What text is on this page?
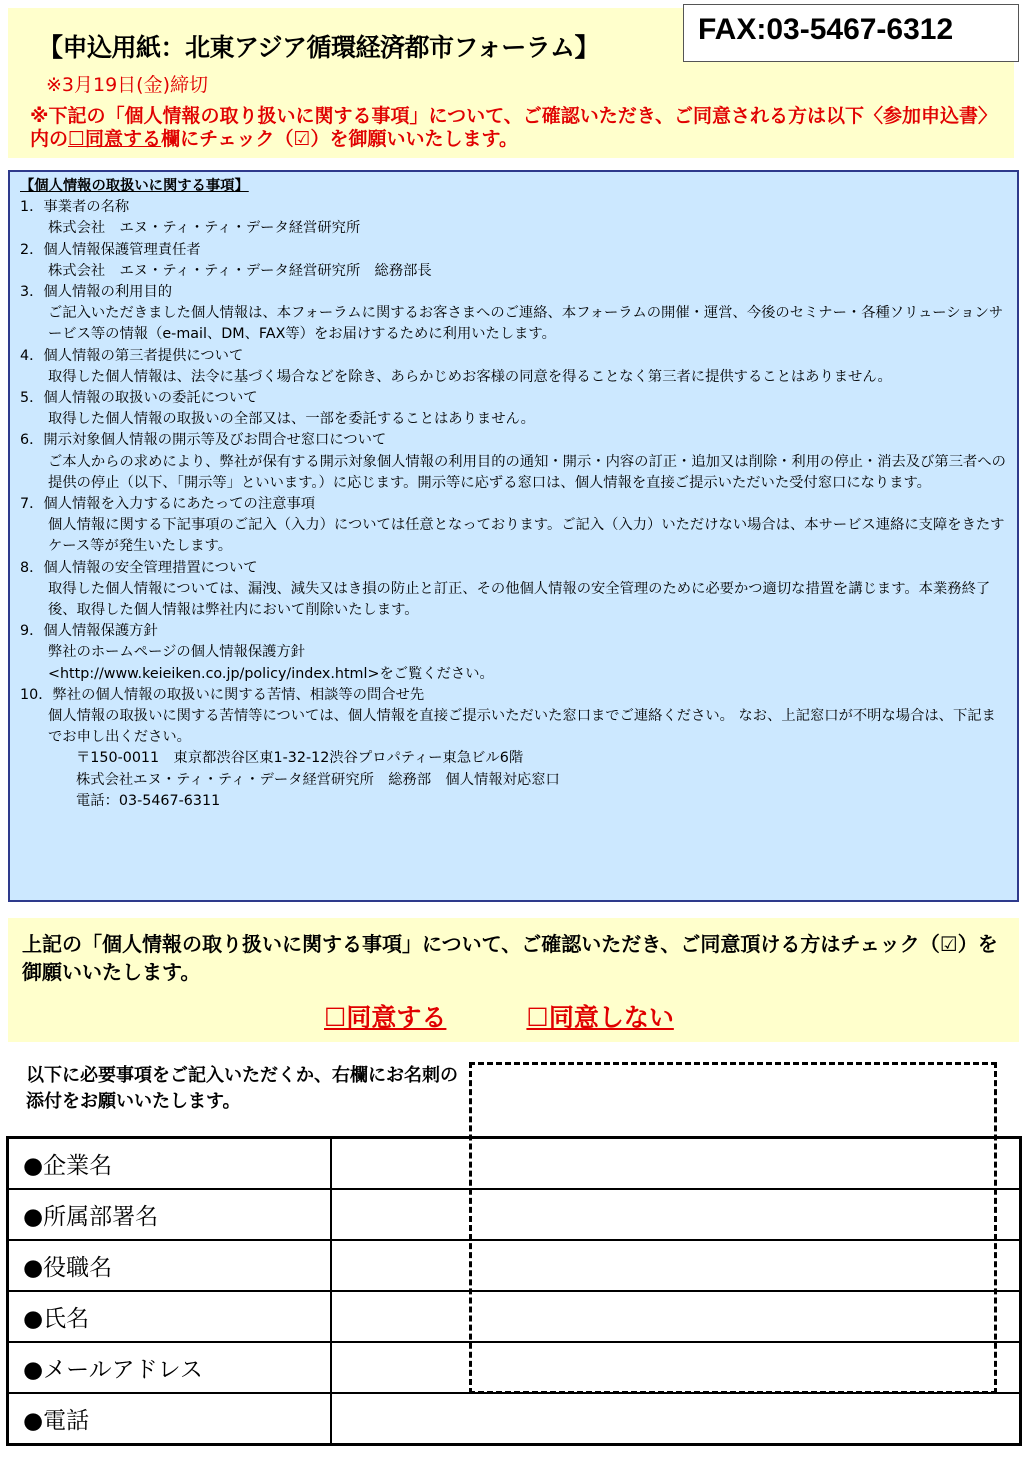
【申込用紙：北東アジア循環経済都市フォーラム】
※3月19日(金)締切
※下記の「個人情報の取り扱いに関する事項」について、ご確認いただき、ご同意される方は以下〈参加申込書〉内の☐同意する欄にチェック（☑）を御願いいたします。
FAX:03-5467-6312
【個人情報の取扱いに関する事項】
1．事業者の名称
株式会社　エヌ・ティ・ティ・データ経営研究所
2．個人情報保護管理責任者
株式会社　エヌ・ティ・ティ・データ経営研究所　総務部長
3．個人情報の利用目的
ご記入いただきました個人情報は、本フォーラムに関するお客さまへのご連絡、本フォーラムの開催・運営、今後のセミナー・各種ソリューションサービス等の情報（e-mail、DM、FAX等）をお届けするために利用いたします。
4．個人情報の第三者提供について
取得した個人情報は、法令に基づく場合などを除き、あらかじめお客様の同意を得ることなく第三者に提供することはありません。
5．個人情報の取扱いの委託について
取得した個人情報の取扱いの全部又は、一部を委託することはありません。
6．開示対象個人情報の開示等及びお問合せ窓口について
ご本人からの求めにより、弊社が保有する開示対象個人情報の利用目的の通知・開示・内容の訂正・追加又は削除・利用の停止・消去及び第三者への提供の停止（以下、「開示等」といいます。）に応じます。開示等に応ずる窓口は、個人情報を直接ご提示いただいた受付窓口になります。
7．個人情報を入力するにあたっての注意事項
個人情報に関する下記事項のご記入（入力）については任意となっております。ご記入（入力）いただけない場合は、本サービス連絡に支障をきたすケース等が発生いたします。
8．個人情報の安全管理措置について
取得した個人情報については、漏洩、減失又はき損の防止と訂正、その他個人情報の安全管理のために必要かつ適切な措置を講じます。本業務終了後、取得した個人情報は弊社内において削除いたします。
9．個人情報保護方針
弊社のホームページの個人情報保護方針
<http://www.keieiken.co.jp/policy/index.html>をご覧ください。
10．弊社の個人情報の取扱いに関する苦情、相談等の問合せ先
個人情報の取扱いに関する苦情等については、個人情報を直接ご提示いただいた窓口までご連絡ください。 なお、上記窓口が不明な場合は、下記までお申し出ください。
〒150-0011　東京都渋谷区東1-32-12渋谷プロパティー東急ビル6階
株式会社エヌ・ティ・ティ・データ経営研究所　総務部　個人情報対応窓口
電話：03-5467-6311
上記の「個人情報の取り扱いに関する事項」について、ご確認いただき、ご同意頂ける方はチェック（☑）を御願いいたします。
☐同意する	☐同意しない
以下に必要事項をご記入いただくか、右欄にお名刺の添付をお願いいたします。
●企業名	
●所属部署名	
●役職名	
●氏名	
●メールアドレス	
●電話	
